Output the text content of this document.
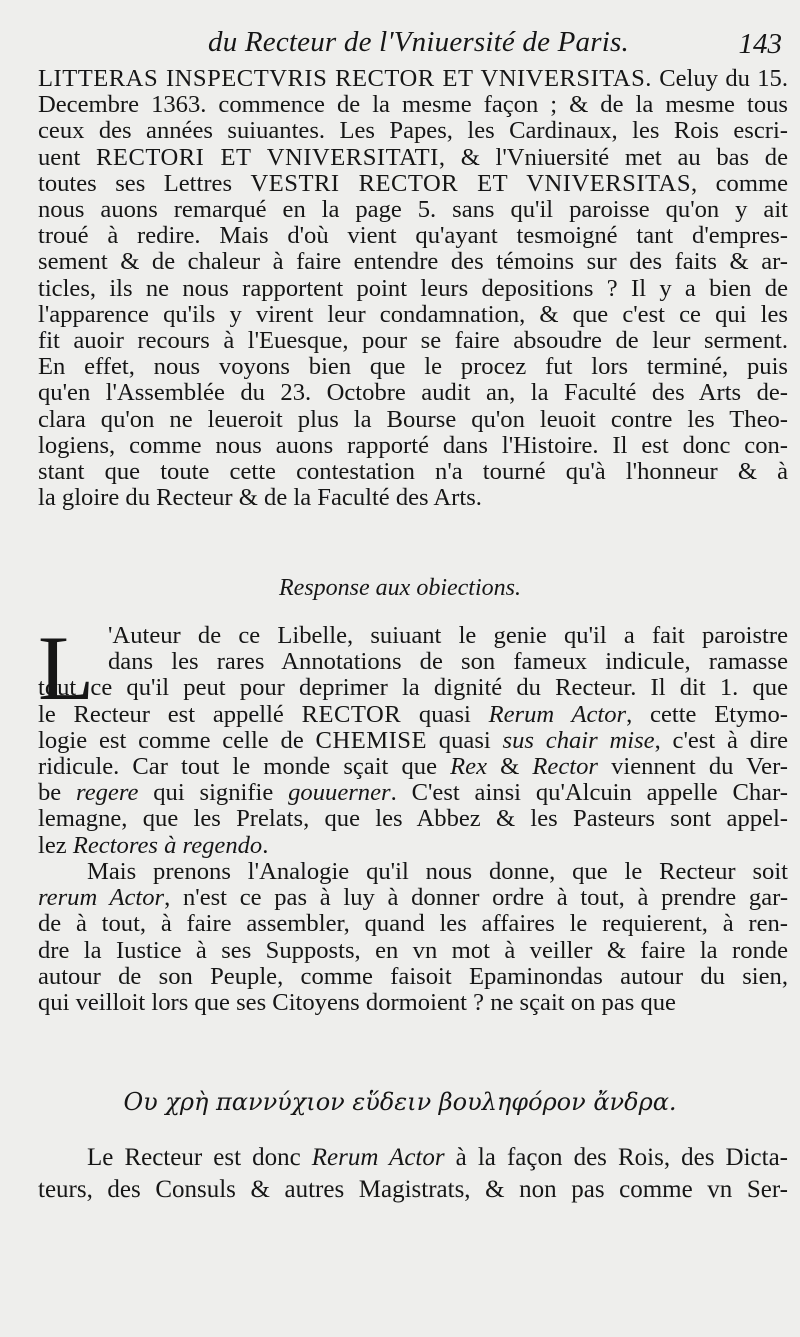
du Recteur de l'Vniuersité de Paris.	143
LITTERAS INSPECTVRIS RECTOR ET VNIVERSITAS. Celuy du 15.
Decembre 1363. commence de la mesme façon ; & de la mesme tous
ceux des années suiuantes. Les Papes, les Cardinaux, les Rois escri-
uent RECTORI ET VNIVERSITATI, & l'Vniuersité met au bas de
toutes ses Lettres VESTRI RECTOR ET VNIVERSITAS, comme
nous auons remarqué en la page 5. sans qu'il paroisse qu'on y ait
troué à redire. Mais d'où vient qu'ayant tesmoigné tant d'empres-
sement & de chaleur à faire entendre des témoins sur des faits & ar-
ticles, ils ne nous rapportent point leurs depositions ? Il y a bien de
l'apparence qu'ils y virent leur condamnation, & que c'est ce qui les
fit auoir recours à l'Euesque, pour se faire absoudre de leur serment.
En effet, nous voyons bien que le procez fut lors terminé, puis
qu'en l'Assemblée du 23. Octobre audit an, la Faculté des Arts de-
clara qu'on ne leueroit plus la Bourse qu'on leuoit contre les Theo-
logiens, comme nous auons rapporté dans l'Histoire. Il est donc con-
stant que toute cette contestation n'a tourné qu'à l'honneur & à
la gloire du Recteur & de la Faculté des Arts.
Response aux obiections.
L 'Auteur de ce Libelle, suiuant le genie qu'il a fait paroistre
dans les rares Annotations de son fameux indicule, ramasse
tout ce qu'il peut pour deprimer la dignité du Recteur. Il dit 1. que
le Recteur est appellé RECTOR quasi Rerum Actor, cette Etymo-
logie est comme celle de CHEMISE quasi sus chair mise, c'est à dire
ridicule. Car tout le monde sçait que Rex & Rector viennent du Ver-
be regere qui signifie gouuerner. C'est ainsi qu'Alcuin appelle Char-
lemagne, que les Prelats, que les Abbez & les Pasteurs sont appel-
lez Rectores à regendo.
Mais prenons l'Analogie qu'il nous donne, que le Recteur soit
rerum Actor, n'est ce pas à luy à donner ordre à tout, à prendre gar-
de à tout, à faire assembler, quand les affaires le requierent, à ren-
dre la Iustice à ses Supposts, en vn mot à veiller & faire la ronde
autour de son Peuple, comme faisoit Epaminondas autour du sien,
qui veilloit lors que ses Citoyens dormoient ? ne sçait on pas que
Ου χρὴ παννύχιον εὕδειν βουληφόρον ἄνδρα.
Le Recteur est donc Rerum Actor à la façon des Rois, des Dicta-
teurs, des Consuls & autres Magistrats, & non pas comme vn Ser-
